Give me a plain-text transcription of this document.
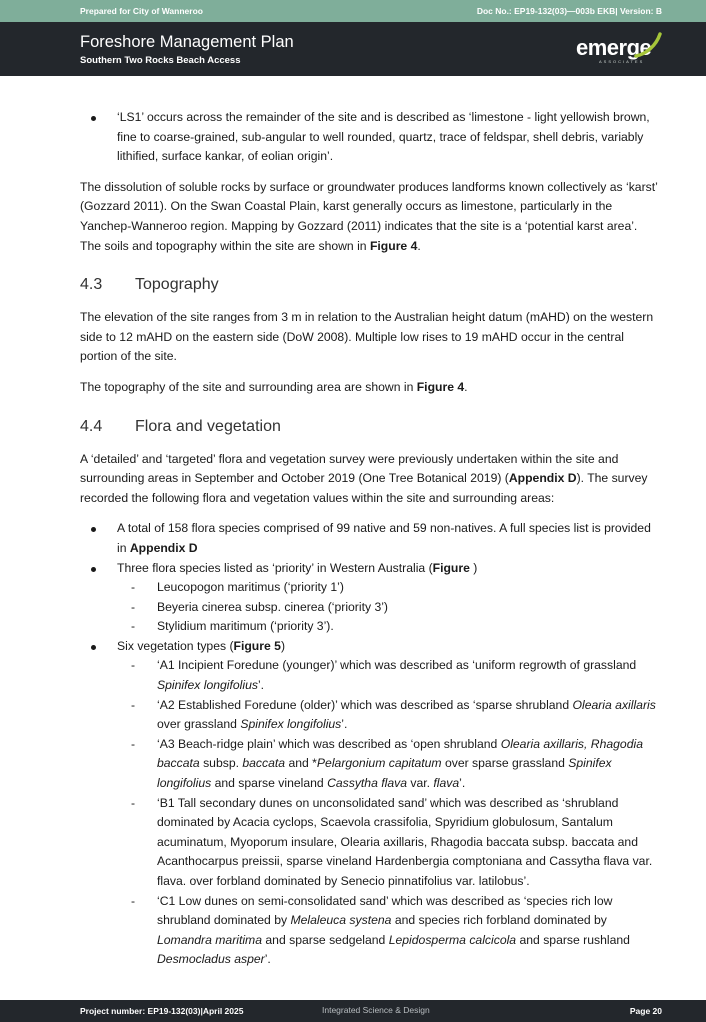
Prepared for City of Wanneroo	Doc No.: EP19-132(03)—003b EKB| Version: B
Foreshore Management Plan
Southern Two Rocks Beach Access
emerge
ASSOCIATES
‘LS1’ occurs across the remainder of the site and is described as ‘limestone - light yellowish brown, fine to coarse-grained, sub-angular to well rounded, quartz, trace of feldspar, shell debris, variably lithified, surface kankar, of eolian origin’.

The dissolution of soluble rocks by surface or groundwater produces landforms known collectively as ‘karst’ (Gozzard 2011). On the Swan Coastal Plain, karst generally occurs as limestone, particularly in the Yanchep-Wanneroo region. Mapping by Gozzard (2011) indicates that the site is a ‘potential karst area’. The soils and topography within the site are shown in Figure 4.

4.3	Topography

The elevation of the site ranges from 3 m in relation to the Australian height datum (mAHD) on the western side to 12 mAHD on the eastern side (DoW 2008). Multiple low rises to 19 mAHD occur in the central portion of the site.

The topography of the site and surrounding area are shown in Figure 4.

4.4	Flora and vegetation

A ‘detailed’ and ‘targeted’ flora and vegetation survey were previously undertaken within the site and surrounding areas in September and October 2019 (One Tree Botanical 2019) (Appendix D). The survey recorded the following flora and vegetation values within the site and surrounding areas:

A total of 158 flora species comprised of 99 native and 59 non-natives. A full species list is provided in Appendix D
Three flora species listed as ‘priority’ in Western Australia (Figure )
- Leucopogon maritimus (‘priority 1’)
- Beyeria cinerea subsp. cinerea (‘priority 3’)
- Stylidium maritimum (‘priority 3’).
Six vegetation types (Figure 5)
- ‘A1 Incipient Foredune (younger)’ which was described as ‘uniform regrowth of grassland Spinifex longifolius’.
- ‘A2 Established Foredune (older)’ which was described as ‘sparse shrubland Olearia axillaris over grassland Spinifex longifolius’.
- ‘A3 Beach-ridge plain’ which was described as ‘open shrubland Olearia axillaris, Rhagodia baccata subsp. baccata and *Pelargonium capitatum over sparse grassland Spinifex longifolius and sparse vineland Cassytha flava var. flava’.
- ‘B1 Tall secondary dunes on unconsolidated sand’ which was described as ‘shrubland dominated by Acacia cyclops, Scaevola crassifolia, Spyridium globulosum, Santalum acuminatum, Myoporum insulare, Olearia axillaris, Rhagodia baccata subsp. baccata and Acanthocarpus preissii, sparse vineland Hardenbergia comptoniana and Cassytha flava var. flava. over forbland dominated by Senecio pinnatifolius var. latilobus’.
- ‘C1 Low dunes on semi-consolidated sand’ which was described as ‘species rich low shrubland dominated by Melaleuca systena and species rich forbland dominated by Lomandra maritima and sparse sedgeland Lepidosperma calcicola and sparse rushland Desmocladus asper’.
Project number: EP19-132(03)|April 2025	Integrated Science & Design	Page 20
